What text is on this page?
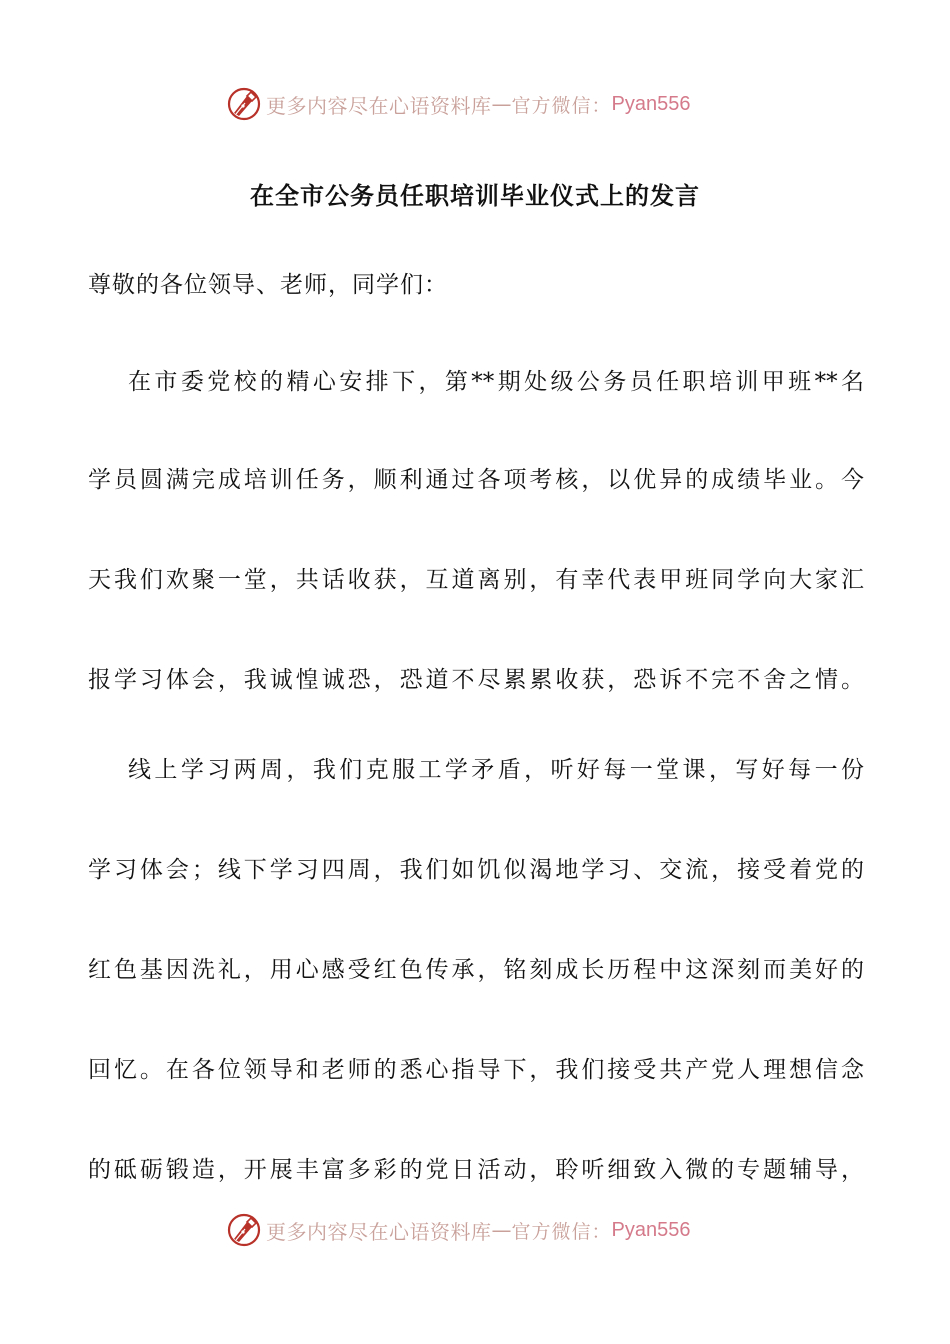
更多内容尽在心语资料库 — 官方微信： Pyan556
在全市公务员任职培训毕业仪式上的发言
尊敬的各位领导、老师，同学们：
在市委党校的精心安排下，第**期处级公务员任职培训甲班**名
学员圆满完成培训任务，顺利通过各项考核，以优异的成绩毕业。今
天我们欢聚一堂，共话收获，互道离别，有幸代表甲班同学向大家汇
报学习体会，我诚惶诚恐，恐道不尽累累收获，恐诉不完不舍之情。
线上学习两周，我们克服工学矛盾，听好每一堂课，写好每一份
学习体会；线下学习四周，我们如饥似渴地学习、交流，接受着党的
红色基因洗礼，用心感受红色传承，铭刻成长历程中这深刻而美好的
回忆。在各位领导和老师的悉心指导下，我们接受共产党人理想信念
的砥砺锻造，开展丰富多彩的党日活动，聆听细致入微的专题辅导，
更多内容尽在心语资料库 — 官方微信： Pyan556
